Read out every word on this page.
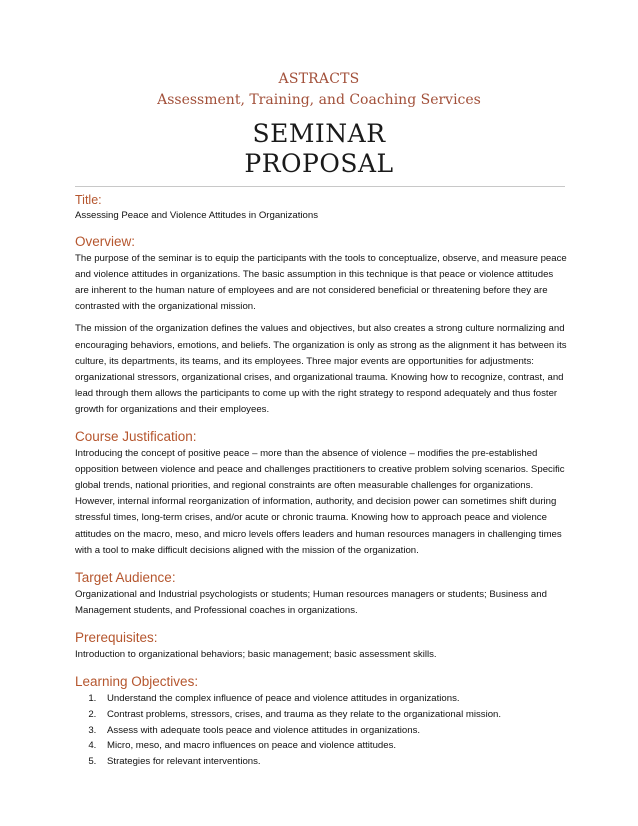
ASTRACTS
Assessment, Training, and Coaching Services
SEMINAR
PROPOSAL
Title:

Assessing Peace and Violence Attitudes in Organizations

Overview:

The purpose of the seminar is to equip the participants with the tools to conceptualize, observe, and measure peace and violence attitudes in organizations. The basic assumption in this technique is that peace or violence attitudes are inherent to the human nature of employees and are not considered beneficial or threatening before they are contrasted with the organizational mission.

The mission of the organization defines the values and objectives, but also creates a strong culture normalizing and encouraging behaviors, emotions, and beliefs. The organization is only as strong as the alignment it has between its culture, its departments, its teams, and its employees. Three major events are opportunities for adjustments: organizational stressors, organizational crises, and organizational trauma. Knowing how to recognize, contrast, and lead through them allows the participants to come up with the right strategy to respond adequately and thus foster growth for organizations and their employees.

Course Justification:

Introducing the concept of positive peace – more than the absence of violence – modifies the pre-established opposition between violence and peace and challenges practitioners to creative problem solving scenarios. Specific global trends, national priorities, and regional constraints are often measurable challenges for organizations. However, internal informal reorganization of information, authority, and decision power can sometimes shift during stressful times, long-term crises, and/or acute or chronic trauma. Knowing how to approach peace and violence attitudes on the macro, meso, and micro levels offers leaders and human resources managers in challenging times with a tool to make difficult decisions aligned with the mission of the organization.

Target Audience:

Organizational and Industrial psychologists or students; Human resources managers or students; Business and Management students, and Professional coaches in organizations.

Prerequisites:

Introduction to organizational behaviors; basic management; basic assessment skills.

Learning Objectives:
1. Understand the complex influence of peace and violence attitudes in organizations.
2. Contrast problems, stressors, crises, and trauma as they relate to the organizational mission.
3. Assess with adequate tools peace and violence attitudes in organizations.
4. Micro, meso, and macro influences on peace and violence attitudes.
5. Strategies for relevant interventions.
